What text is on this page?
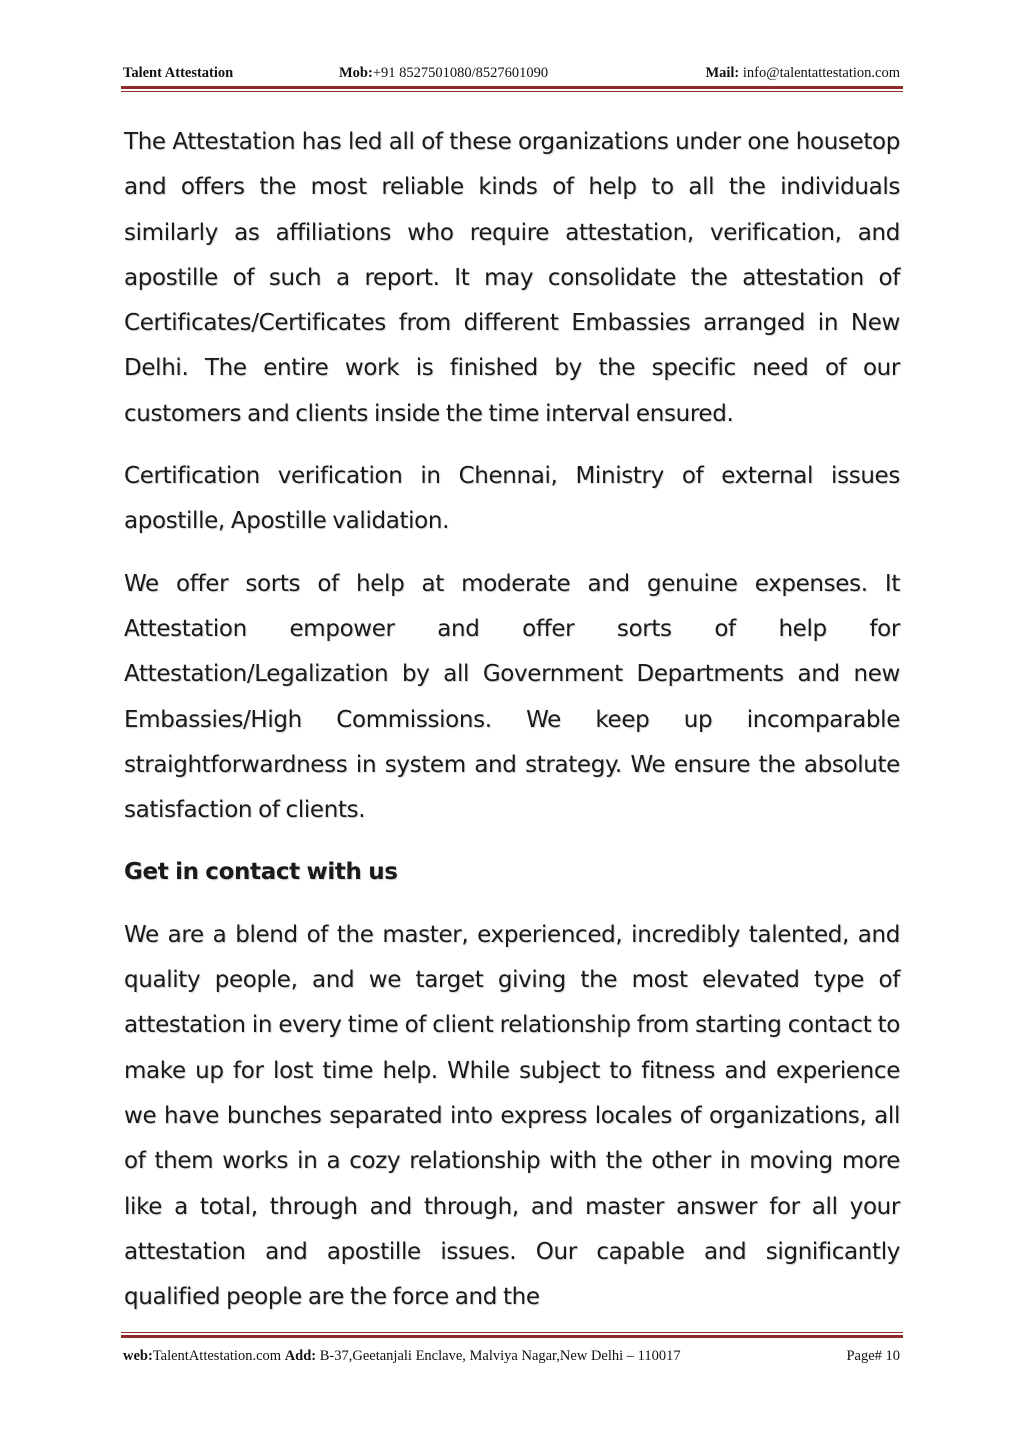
Talent Attestation	Mob:+91 8527501080/8527601090	Mail: info@talentattestation.com

The Attestation has led all of these organizations under one housetop and offers the most reliable kinds of help to all the individuals similarly as affiliations who require attestation, verification, and apostille of such a report. It may consolidate the attestation of Certificates/Certificates from different Embassies arranged in New Delhi. The entire work is finished by the specific need of our customers and clients inside the time interval ensured.

Certification verification in Chennai, Ministry of external issues apostille, Apostille validation.

We offer sorts of help at moderate and genuine expenses. It Attestation empower and offer sorts of help for Attestation/Legalization by all Government Departments and new Embassies/High Commissions. We keep up incomparable straightforwardness in system and strategy. We ensure the absolute satisfaction of clients.

Get in contact with us

We are a blend of the master, experienced, incredibly talented, and quality people, and we target giving the most elevated type of attestation in every time of client relationship from starting contact to make up for lost time help. While subject to fitness and experience we have bunches separated into express locales of organizations, all of them works in a cozy relationship with the other in moving more like a total, through and through, and master answer for all your attestation and apostille issues. Our capable and significantly qualified people are the force and the

web:TalentAttestation.com Add: B-37,Geetanjali Enclave, Malviya Nagar,New Delhi – 110017	Page# 10
